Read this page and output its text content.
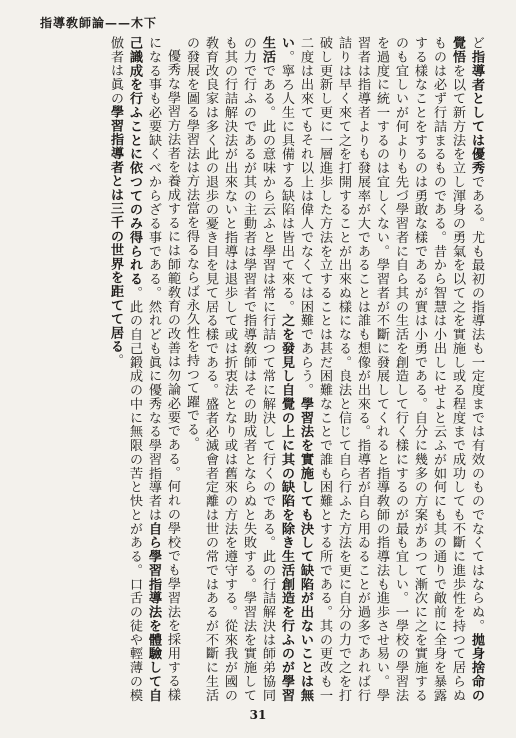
指導敎師論——木下

ど指導者としては優秀である。尤も最初の指導法も一定度までは有效のものでなくてはならぬ。拋身捨命の覺悟を以て新方法を立し渾身の勇氣を以て之を實施し或る程度まで成功しても不斷に進歩性を持つて居らぬものは必ず行詰まるものである。昔から智慧は小出しにせよと云ふが如何にも其の通りで敵前に全身を暴露する樣なことをするのは勇敢な樣であるが實は小勇である。自分に幾多の方案があつて漸次に之を實施するのも宜しいが何よりも先づ學習者に自ら其の生活を創造して行く樣にするのが最も宜しい。一學校の學習法を過度に統一するのは宜しくない。學習者が不斷に發展してくれると指導敎師の指導法も進歩させ易い。學習者は指導者よりも發展率が大であることは誰も想像が出來る。指導者が自ら用ゐることが過多であれば行詰りは早く來て之を打開することが出來ぬ樣になる。良法と信じて自ら行ふた方法を更に自分の力で之を打破し更新し更に一層進歩した方法を立することは甚だ困難なことで誰も困難とする所である。其の更改も一二度は出來てもそれ以上は偉人でなくては困難であらう。學習法を實施しても決して缺陷が出ないことは無い。寧ろ人生に具備する缺陷は皆出て來る。之を發見し自覺の上に其の缺陷を除き生活創造を行ふのが學習生活である。此の意味から云ふと學習は常に行詰つて常に解決して行くのである。此の行詰解決は師弟協同の力で行ふのであるが其の主動者は學習者で指導敎師はその助成者とならぬと失敗する。學習法を實施しても其の行詰解決法が出來ないと指導は退歩して或は折衷法となり或は舊來の方法を遵守する。從來我が國の敎育改良家は多く此の退歩の憂き目を見て居る樣である。盛者必滅會者定離は世の常ではあるが不斷に生活の發展を圖る學習法は方法當を得るならば永久性を持つて躍でる。

優秀な學習方法者を養成するには師範敎育の改善は勿論必要である。何れの學校でも學習法を採用する樣になる事も必要缺くべからざる事である。然れども眞に優秀なる學習指導者は自ら學習指導法を體驗して自己識成を行ふことに依つてのみ得られる。此の自己鍛成の中に無限の苦と快とがある。口舌の徒や輕薄の模倣者は眞の學習指導者とは三千の世界を距てて居る。

31
